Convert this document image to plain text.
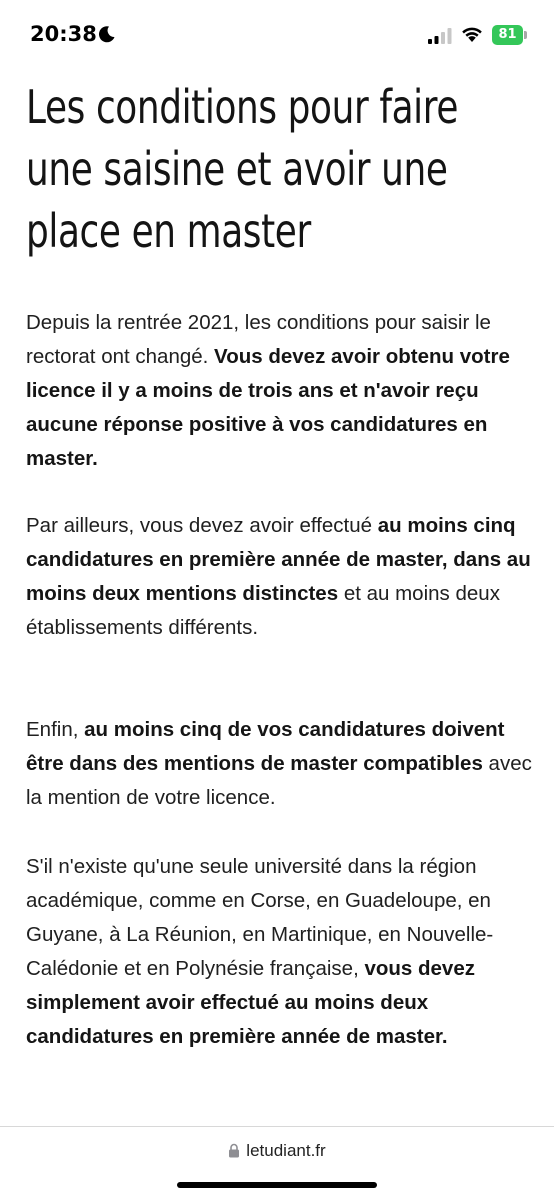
20:38	81
Les conditions pour faire une saisine et avoir une place en master

Depuis la rentrée 2021, les conditions pour saisir le rectorat ont changé. Vous devez avoir obtenu votre licence il y a moins de trois ans et n'avoir reçu aucune réponse positive à vos candidatures en master.

Par ailleurs, vous devez avoir effectué au moins cinq candidatures en première année de master, dans au moins deux mentions distinctes et au moins deux établissements différents.

Enfin, au moins cinq de vos candidatures doivent être dans des mentions de master compatibles avec la mention de votre licence.

S'il n'existe qu'une seule université dans la région académique, comme en Corse, en Guadeloupe, en Guyane, à La Réunion, en Martinique, en Nouvelle-Calédonie et en Polynésie française, vous devez simplement avoir effectué au moins deux candidatures en première année de master.

letudiant.fr
